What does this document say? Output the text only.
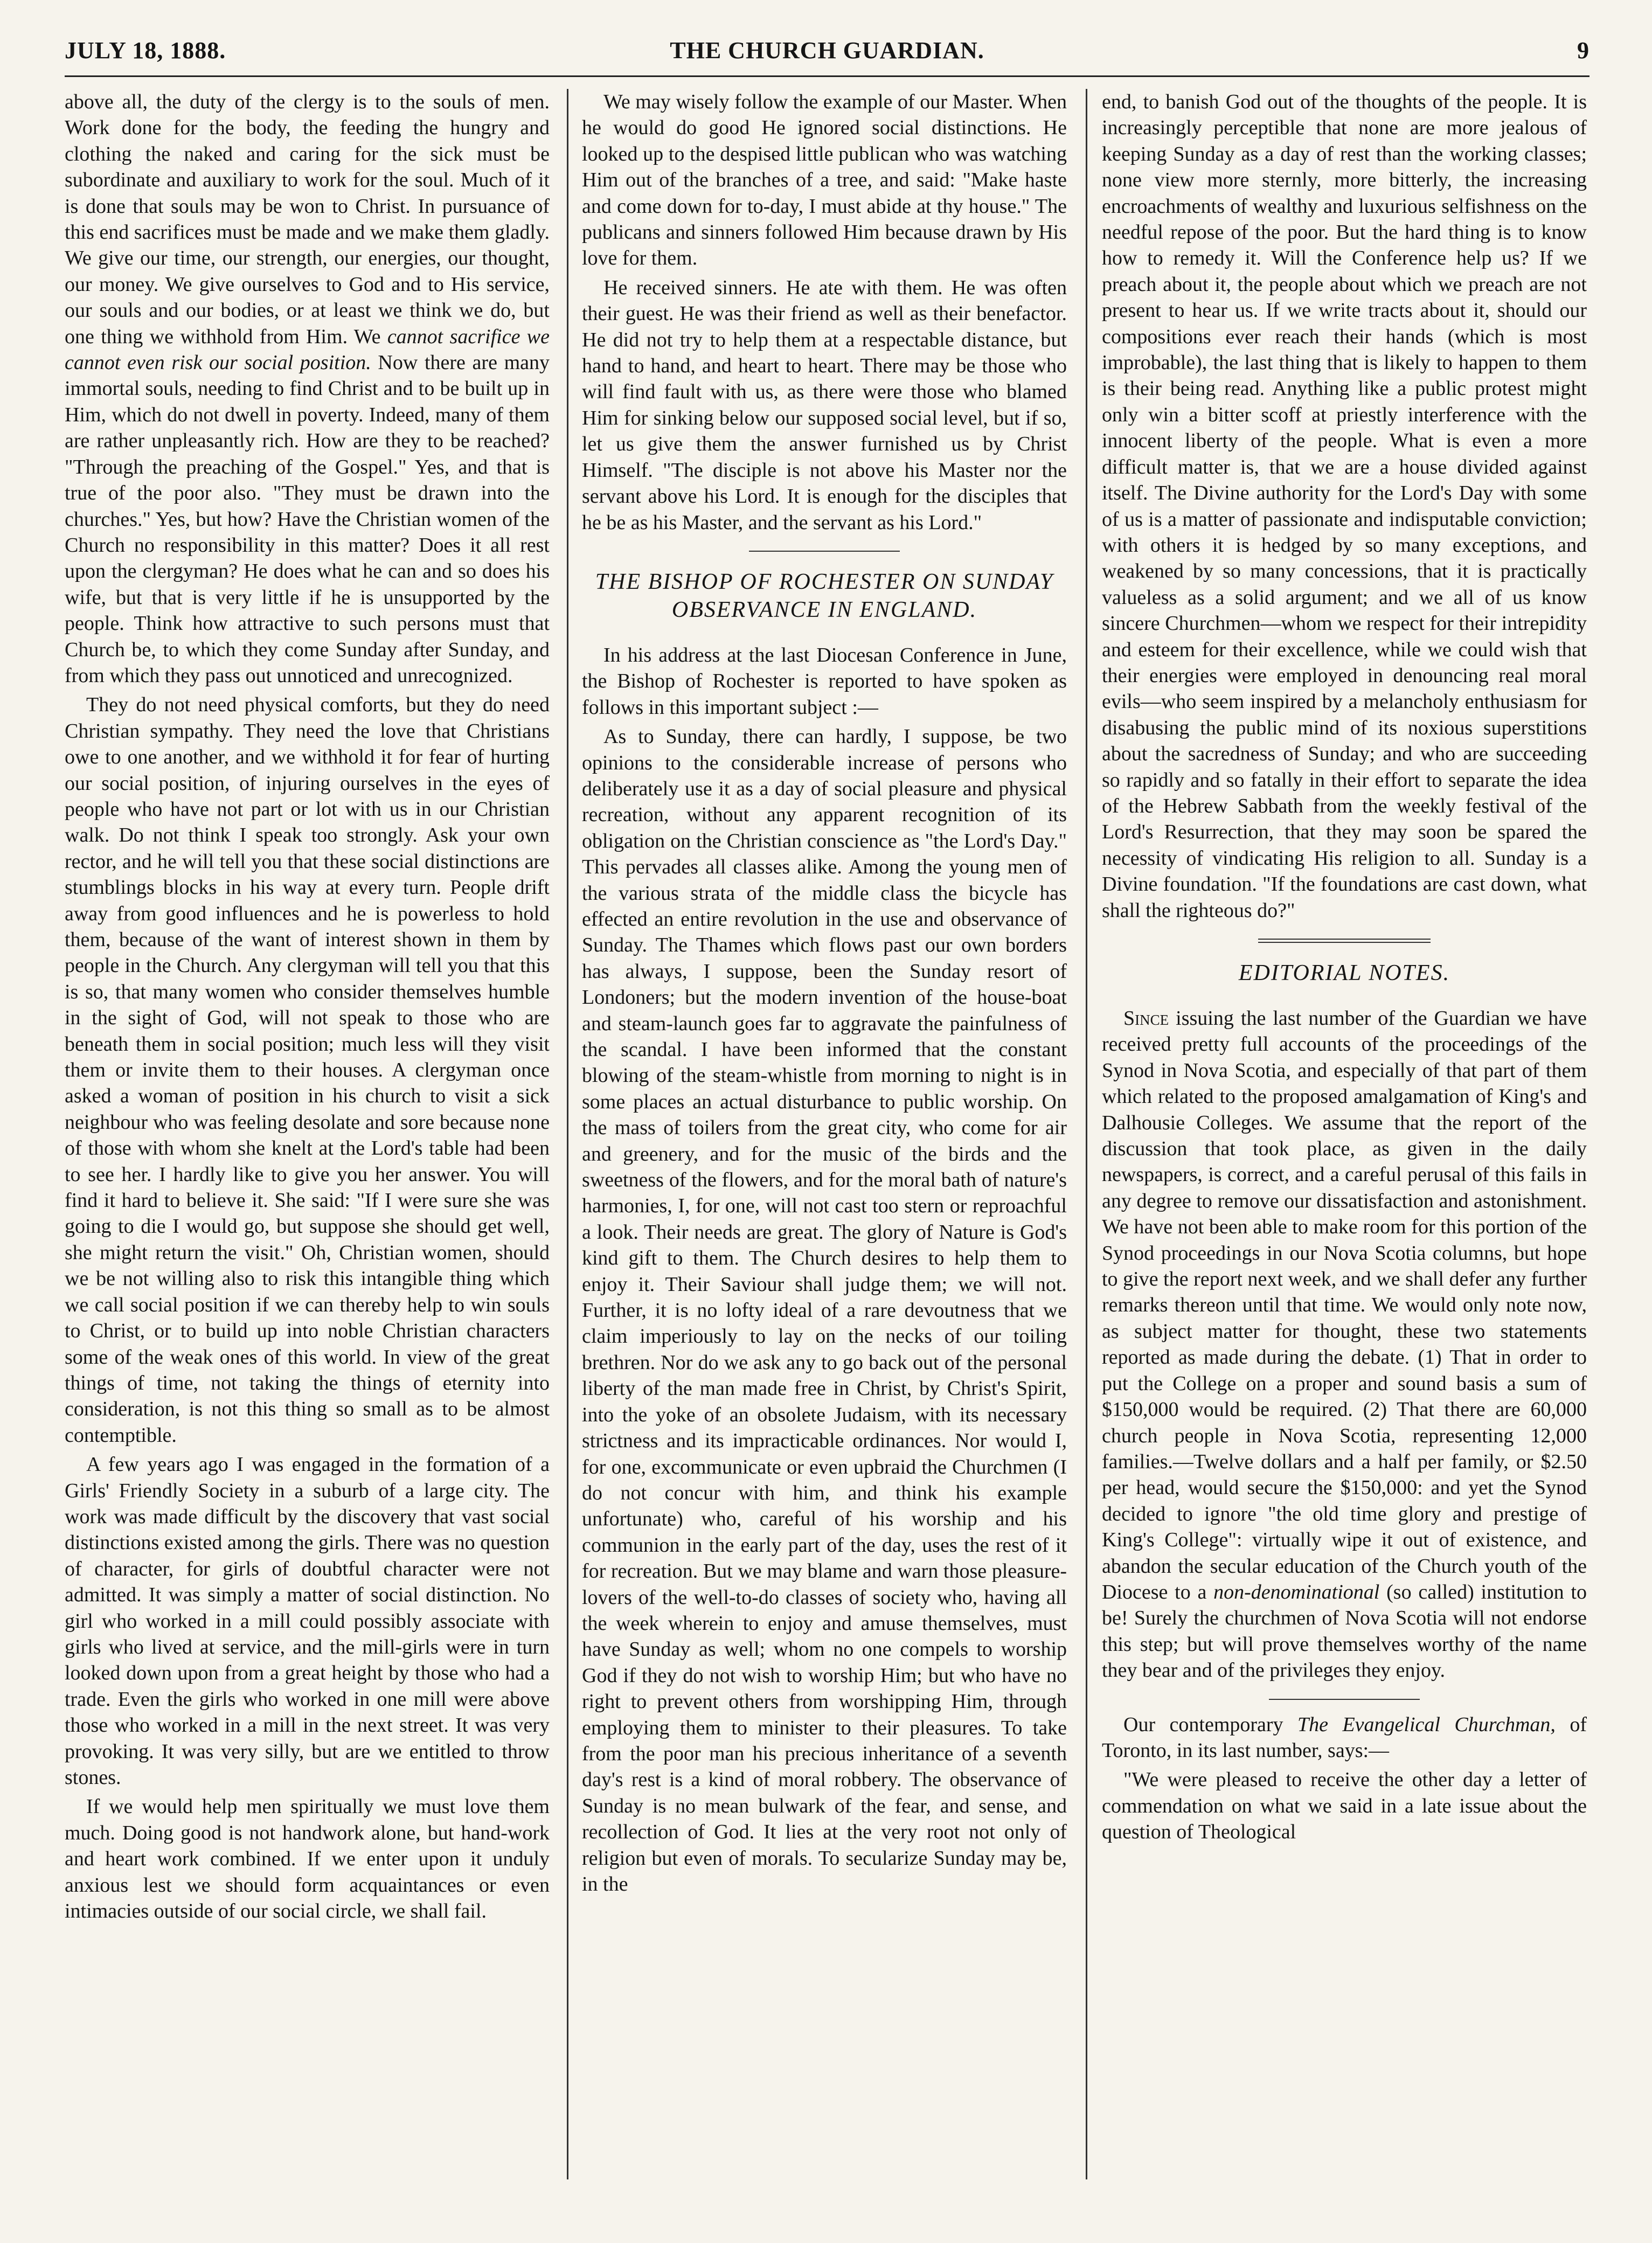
JULY 18, 1888.	THE CHURCH GUARDIAN.	9

above all, the duty of the clergy is to the souls of men. Work done for the body, the feeding the hungry and clothing the naked and caring for the sick must be subordinate and auxiliary to work for the soul. Much of it is done that souls may be won to Christ. In pursuance of this end sacrifices must be made and we make them gladly. We give our time, our strength, our energies, our thought, our money. We give ourselves to God and to His service, our souls and our bodies, or at least we think we do, but one thing we withhold from Him. We cannot sacrifice we cannot even risk our social position. Now there are many immortal souls, needing to find Christ and to be built up in Him, which do not dwell in poverty. Indeed, many of them are rather unpleasantly rich. How are they to be reached? "Through the preaching of the Gospel." Yes, and that is true of the poor also. "They must be drawn into the churches." Yes, but how? Have the Christian women of the Church no responsibility in this matter? Does it all rest upon the clergyman? He does what he can and so does his wife, but that is very little if he is unsupported by the people. Think how attractive to such persons must that Church be, to which they come Sunday after Sunday, and from which they pass out unnoticed and unrecognized.

They do not need physical comforts, but they do need Christian sympathy. They need the love that Christians owe to one another, and we withhold it for fear of hurting our social position, of injuring ourselves in the eyes of people who have not part or lot with us in our Christian walk. Do not think I speak too strongly. Ask your own rector, and he will tell you that these social distinctions are stumblings blocks in his way at every turn. People drift away from good influences and he is powerless to hold them, because of the want of interest shown in them by people in the Church. Any clergyman will tell you that this is so, that many women who consider themselves humble in the sight of God, will not speak to those who are beneath them in social position; much less will they visit them or invite them to their houses. A clergyman once asked a woman of position in his church to visit a sick neighbour who was feeling desolate and sore because none of those with whom she knelt at the Lord's table had been to see her. I hardly like to give you her answer. You will find it hard to believe it. She said: "If I were sure she was going to die I would go, but suppose she should get well, she might return the visit." Oh, Christian women, should we be not willing also to risk this intangible thing which we call social position if we can thereby help to win souls to Christ, or to build up into noble Christian characters some of the weak ones of this world. In view of the great things of time, not taking the things of eternity into consideration, is not this thing so small as to be almost contemptible.

A few years ago I was engaged in the formation of a Girls' Friendly Society in a suburb of a large city. The work was made difficult by the discovery that vast social distinctions existed among the girls. There was no question of character, for girls of doubtful character were not admitted. It was simply a matter of social distinction. No girl who worked in a mill could possibly associate with girls who lived at service, and the mill-girls were in turn looked down upon from a great height by those who had a trade. Even the girls who worked in one mill were above those who worked in a mill in the next street. It was very provoking. It was very silly, but are we entitled to throw stones.

If we would help men spiritually we must love them much. Doing good is not handwork alone, but hand-work and heart work combined. If we enter upon it unduly anxious lest we should form acquaintances or even intimacies outside of our social circle, we shall fail.

We may wisely follow the example of our Master. When he would do good He ignored social distinctions. He looked up to the despised little publican who was watching Him out of the branches of a tree, and said: "Make haste and come down for to-day, I must abide at thy house." The publicans and sinners followed Him because drawn by His love for them.

He received sinners. He ate with them. He was often their guest. He was their friend as well as their benefactor. He did not try to help them at a respectable distance, but hand to hand, and heart to heart. There may be those who will find fault with us, as there were those who blamed Him for sinking below our supposed social level, but if so, let us give them the answer furnished us by Christ Himself. "The disciple is not above his Master nor the servant above his Lord. It is enough for the disciples that he be as his Master, and the servant as his Lord."

THE BISHOP OF ROCHESTER ON SUNDAY OBSERVANCE IN ENGLAND.

In his address at the last Diocesan Conference in June, the Bishop of Rochester is reported to have spoken as follows in this important subject :—

As to Sunday, there can hardly, I suppose, be two opinions to the considerable increase of persons who deliberately use it as a day of social pleasure and physical recreation, without any apparent recognition of its obligation on the Christian conscience as "the Lord's Day." This pervades all classes alike. Among the young men of the various strata of the middle class the bicycle has effected an entire revolution in the use and observance of Sunday. The Thames which flows past our own borders has always, I suppose, been the Sunday resort of Londoners; but the modern invention of the house-boat and steam-launch goes far to aggravate the painfulness of the scandal. I have been informed that the constant blowing of the steam-whistle from morning to night is in some places an actual disturbance to public worship. On the mass of toilers from the great city, who come for air and greenery, and for the music of the birds and the sweetness of the flowers, and for the moral bath of nature's harmonies, I, for one, will not cast too stern or reproachful a look. Their needs are great. The glory of Nature is God's kind gift to them. The Church desires to help them to enjoy it. Their Saviour shall judge them; we will not. Further, it is no lofty ideal of a rare devoutness that we claim imperiously to lay on the necks of our toiling brethren. Nor do we ask any to go back out of the personal liberty of the man made free in Christ, by Christ's Spirit, into the yoke of an obsolete Judaism, with its necessary strictness and its impracticable ordinances. Nor would I, for one, excommunicate or even upbraid the Churchmen (I do not concur with him, and think his example unfortunate) who, careful of his worship and his communion in the early part of the day, uses the rest of it for recreation. But we may blame and warn those pleasure-lovers of the well-to-do classes of society who, having all the week wherein to enjoy and amuse themselves, must have Sunday as well; whom no one compels to worship God if they do not wish to worship Him; but who have no right to prevent others from worshipping Him, through employing them to minister to their pleasures. To take from the poor man his precious inheritance of a seventh day's rest is a kind of moral robbery. The observance of Sunday is no mean bulwark of the fear, and sense, and recollection of God. It lies at the very root not only of religion but even of morals. To secularize Sunday may be, in the

end, to banish God out of the thoughts of the people. It is increasingly perceptible that none are more jealous of keeping Sunday as a day of rest than the working classes; none view more sternly, more bitterly, the increasing encroachments of wealthy and luxurious selfishness on the needful repose of the poor. But the hard thing is to know how to remedy it. Will the Conference help us? If we preach about it, the people about which we preach are not present to hear us. If we write tracts about it, should our compositions ever reach their hands (which is most improbable), the last thing that is likely to happen to them is their being read. Anything like a public protest might only win a bitter scoff at priestly interference with the innocent liberty of the people. What is even a more difficult matter is, that we are a house divided against itself. The Divine authority for the Lord's Day with some of us is a matter of passionate and indisputable conviction; with others it is hedged by so many exceptions, and weakened by so many concessions, that it is practically valueless as a solid argument; and we all of us know sincere Churchmen—whom we respect for their intrepidity and esteem for their excellence, while we could wish that their energies were employed in denouncing real moral evils—who seem inspired by a melancholy enthusiasm for disabusing the public mind of its noxious superstitions about the sacredness of Sunday; and who are succeeding so rapidly and so fatally in their effort to separate the idea of the Hebrew Sabbath from the weekly festival of the Lord's Resurrection, that they may soon be spared the necessity of vindicating His religion to all. Sunday is a Divine foundation. "If the foundations are cast down, what shall the righteous do?"

EDITORIAL NOTES.

Since issuing the last number of the Guardian we have received pretty full accounts of the proceedings of the Synod in Nova Scotia, and especially of that part of them which related to the proposed amalgamation of King's and Dalhousie Colleges. We assume that the report of the discussion that took place, as given in the daily newspapers, is correct, and a careful perusal of this fails in any degree to remove our dissatisfaction and astonishment. We have not been able to make room for this portion of the Synod proceedings in our Nova Scotia columns, but hope to give the report next week, and we shall defer any further remarks thereon until that time. We would only note now, as subject matter for thought, these two statements reported as made during the debate. (1) That in order to put the College on a proper and sound basis a sum of $150,000 would be required. (2) That there are 60,000 church people in Nova Scotia, representing 12,000 families.—Twelve dollars and a half per family, or $2.50 per head, would secure the $150,000: and yet the Synod decided to ignore "the old time glory and prestige of King's College": virtually wipe it out of existence, and abandon the secular education of the Church youth of the Diocese to a non-denominational (so called) institution to be! Surely the churchmen of Nova Scotia will not endorse this step; but will prove themselves worthy of the name they bear and of the privileges they enjoy.

Our contemporary The Evangelical Churchman, of Toronto, in its last number, says:—

"We were pleased to receive the other day a letter of commendation on what we said in a late issue about the question of Theological
